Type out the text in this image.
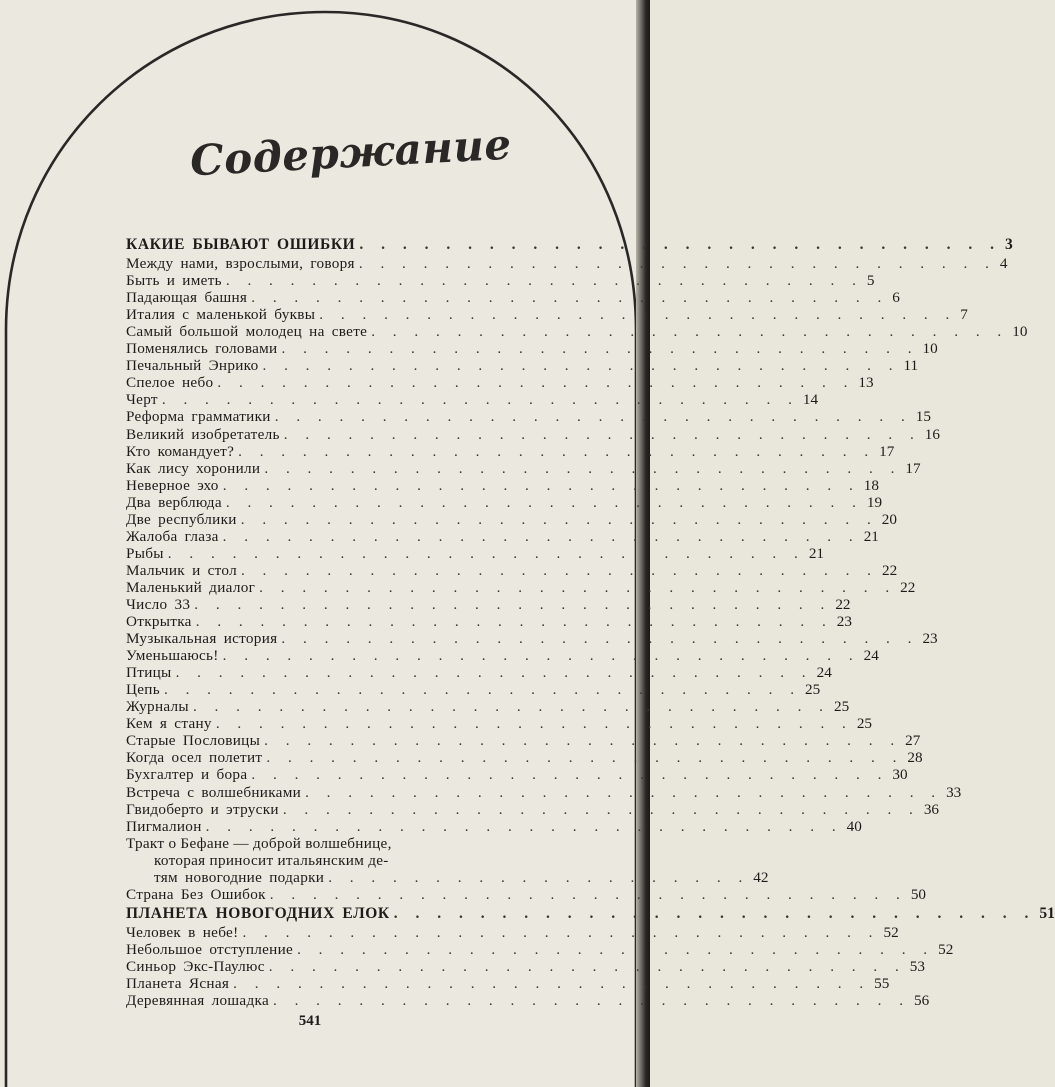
Содержание
КАКИЕ БЫВАЮТ ОШИБКИ . . . . . . . . . . . . . . . . . . . . . . . . . . . . . . 3
Между нами, взрослыми, говоря . . . . . . . . . . . . . . . . . . . . . . . . . . . . . . 4
Быть и иметь . . . . . . . . . . . . . . . . . . . . . . . . . . . . . . 5
Падающая башня . . . . . . . . . . . . . . . . . . . . . . . . . . . . . . 6
Италия с маленькой буквы . . . . . . . . . . . . . . . . . . . . . . . . . . . . . . 7
Самый большой молодец на свете . . . . . . . . . . . . . . . . . . . . . . . . . . . . . . 10
Поменялись головами . . . . . . . . . . . . . . . . . . . . . . . . . . . . . . 10
Печальный Энрико . . . . . . . . . . . . . . . . . . . . . . . . . . . . . . 11
Спелое небо . . . . . . . . . . . . . . . . . . . . . . . . . . . . . . 13
Черт . . . . . . . . . . . . . . . . . . . . . . . . . . . . . . 14
Реформа грамматики . . . . . . . . . . . . . . . . . . . . . . . . . . . . . . 15
Великий изобретатель . . . . . . . . . . . . . . . . . . . . . . . . . . . . . . 16
Кто командует? . . . . . . . . . . . . . . . . . . . . . . . . . . . . . . 17
Как лису хоронили . . . . . . . . . . . . . . . . . . . . . . . . . . . . . . 17
Неверное эхо . . . . . . . . . . . . . . . . . . . . . . . . . . . . . . 18
Два верблюда . . . . . . . . . . . . . . . . . . . . . . . . . . . . . . 19
Две республики . . . . . . . . . . . . . . . . . . . . . . . . . . . . . . 20
Жалоба глаза . . . . . . . . . . . . . . . . . . . . . . . . . . . . . . 21
Рыбы . . . . . . . . . . . . . . . . . . . . . . . . . . . . . . 21
Мальчик и стол . . . . . . . . . . . . . . . . . . . . . . . . . . . . . . 22
Маленький диалог . . . . . . . . . . . . . . . . . . . . . . . . . . . . . . 22
Число 33 . . . . . . . . . . . . . . . . . . . . . . . . . . . . . . 22
Открытка . . . . . . . . . . . . . . . . . . . . . . . . . . . . . . 23
Музыкальная история . . . . . . . . . . . . . . . . . . . . . . . . . . . . . . 23
Уменьшаюсь! . . . . . . . . . . . . . . . . . . . . . . . . . . . . . . 24
Птицы . . . . . . . . . . . . . . . . . . . . . . . . . . . . . . 24
Цепь . . . . . . . . . . . . . . . . . . . . . . . . . . . . . . 25
Журналы . . . . . . . . . . . . . . . . . . . . . . . . . . . . . . 25
Кем я стану . . . . . . . . . . . . . . . . . . . . . . . . . . . . . . 25
Старые Пословицы . . . . . . . . . . . . . . . . . . . . . . . . . . . . . . 27
Когда осел полетит . . . . . . . . . . . . . . . . . . . . . . . . . . . . . . 28
Бухгалтер и бора . . . . . . . . . . . . . . . . . . . . . . . . . . . . . . 30
Встреча с волшебниками . . . . . . . . . . . . . . . . . . . . . . . . . . . . . . 33
Гвидоберто и этруски . . . . . . . . . . . . . . . . . . . . . . . . . . . . . . 36
Пигмалион . . . . . . . . . . . . . . . . . . . . . . . . . . . . . . 40
Тракт о Бефане — доброй волшебнице,
которая приносит итальянским де-
тям новогодние подарки . . . . . . . . . . . . . . . . . . . . 42
Страна Без Ошибок . . . . . . . . . . . . . . . . . . . . . . . . . . . . . . 50
ПЛАНЕТА НОВОГОДНИХ ЕЛОК . . . . . . . . . . . . . . . . . . . . . . . . . . . . . . 51
Человек в небе! . . . . . . . . . . . . . . . . . . . . . . . . . . . . . . 52
Небольшое отступление . . . . . . . . . . . . . . . . . . . . . . . . . . . . . . 52
Синьор Экс-Паулюс . . . . . . . . . . . . . . . . . . . . . . . . . . . . . . 53
Планета Ясная . . . . . . . . . . . . . . . . . . . . . . . . . . . . . . 55
Деревянная лошадка . . . . . . . . . . . . . . . . . . . . . . . . . . . . . . 56
541
